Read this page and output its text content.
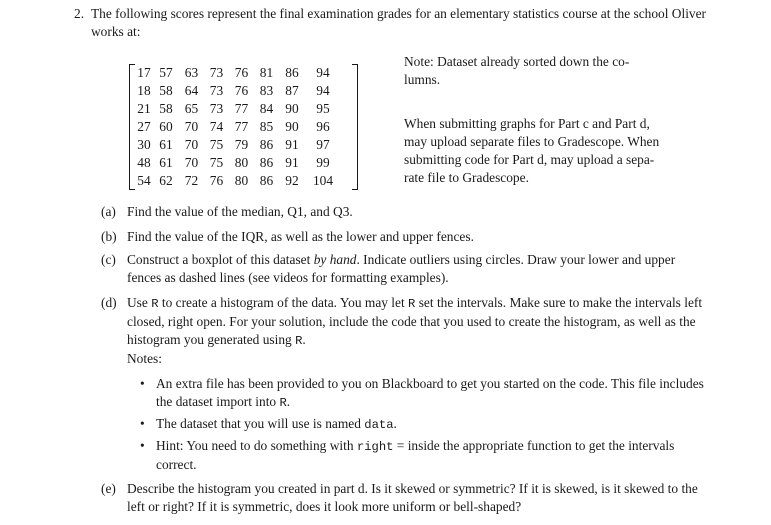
2. The following scores represent the final examination grades for an elementary statistics course at the school Oliver works at:
17 57 63 73 76 81 86	94
18 58 64 73 76 83 87	94
21 58 65 73 77 84 90	95
27 60 70 74 77 85 90	96
30 61 70 75 79 86 91	97
48 61 70 75 80 86 91	99
54 62 72 76 80 86 92	104
Note: Dataset already sorted down the co-
lumns.
When submitting graphs for Part c and Part d,
may upload separate files to Gradescope. When
submitting code for Part d, may upload a sepa-
rate file to Gradescope.
(a) Find the value of the median, Q1, and Q3.
(b) Find the value of the IQR, as well as the lower and upper fences.
(c) Construct a boxplot of this dataset by hand. Indicate outliers using circles. Draw your lower and upper fences as dashed lines (see videos for formatting examples).
(d) Use R to create a histogram of the data. You may let R set the intervals. Make sure to make the intervals left closed, right open. For your solution, include the code that you used to create the histogram, as well as the histogram you generated using R.
Notes:
• An extra file has been provided to you on Blackboard to get you started on the code. This file includes the dataset import into R.
• The dataset that you will use is named data.
• Hint: You need to do something with right = inside the appropriate function to get the intervals correct.
(e) Describe the histogram you created in part d. Is it skewed or symmetric? If it is skewed, is it skewed to the left or right? If it is symmetric, does it look more uniform or bell-shaped?
